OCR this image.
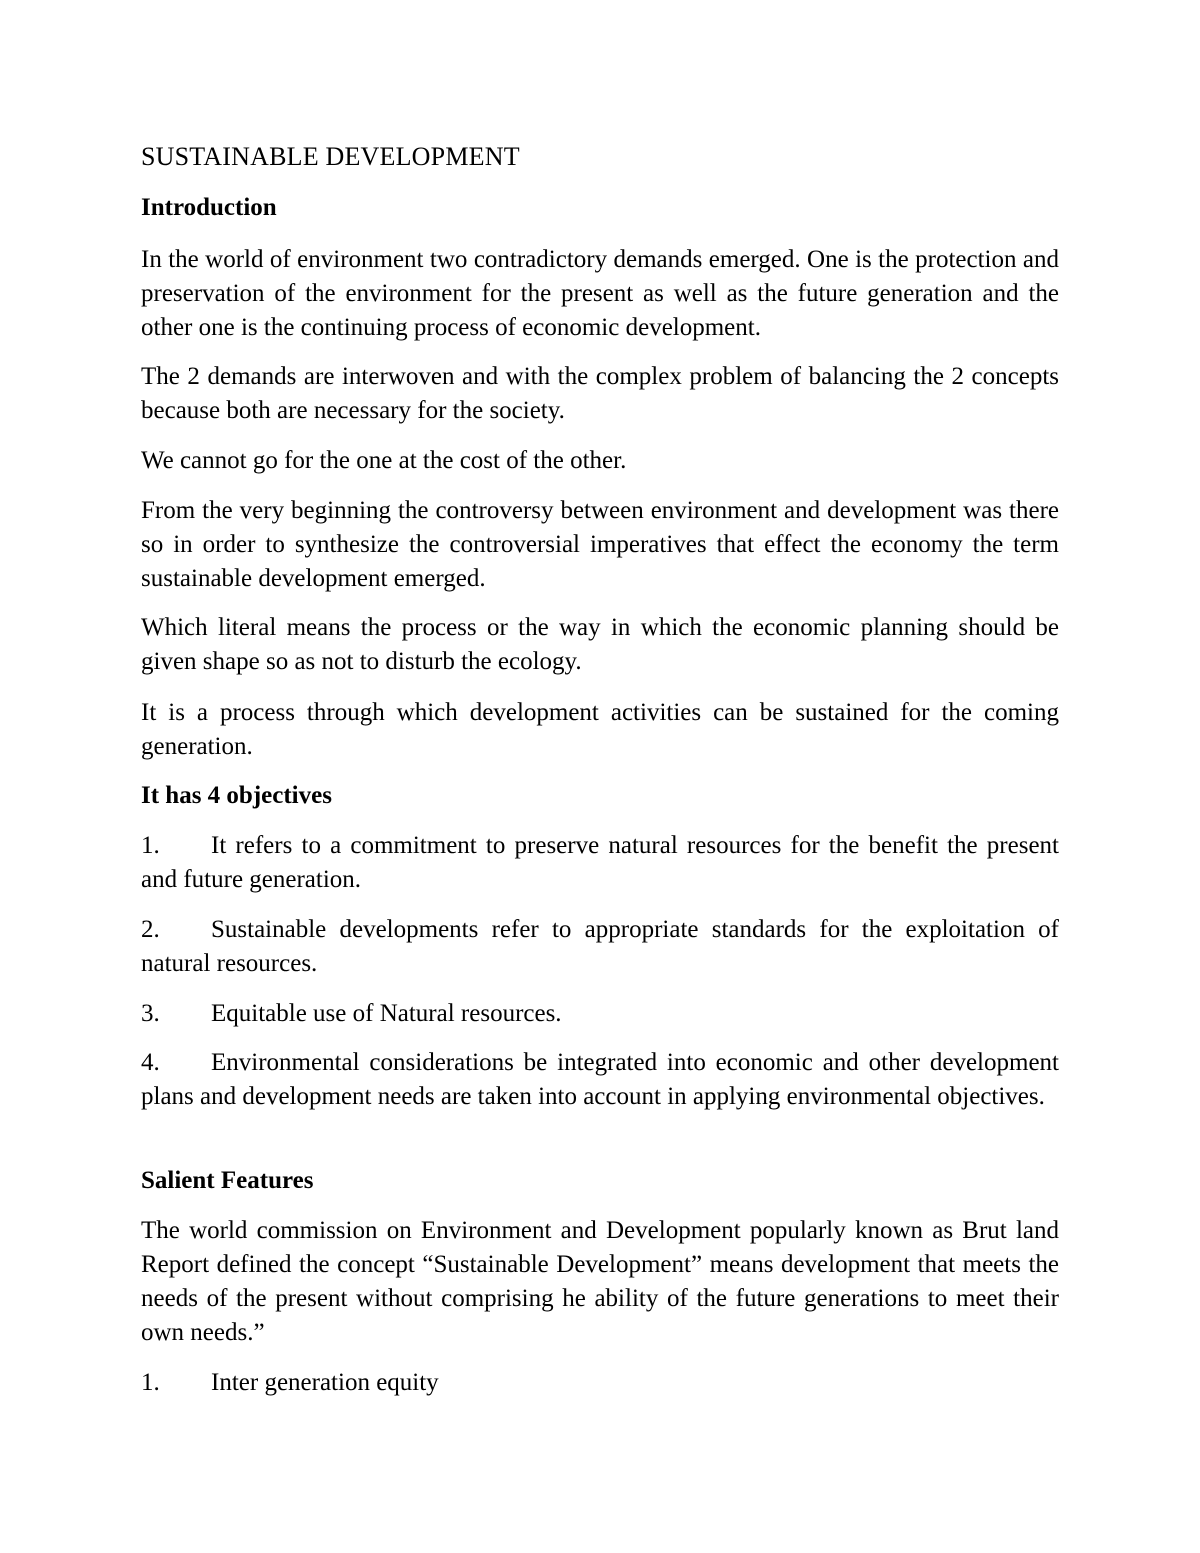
SUSTAINABLE DEVELOPMENT
Introduction

In the world of environment two contradictory demands emerged. One is the protection and preservation of the environment for the present as well as the future generation and the other one is the continuing process of economic development.

The 2 demands are interwoven and with the complex problem of balancing the 2 concepts because both are necessary for the society.

We cannot go for the one at the cost of the other.

From the very beginning the controversy between environment and development was there so in order to synthesize the controversial imperatives that effect the economy the term sustainable development emerged.

Which literal means the process or the way in which the economic planning should be given shape so as not to disturb the ecology.

It is a process through which development activities can be sustained for the coming generation.

It has 4 objectives

1. It refers to a commitment to preserve natural resources for the benefit the present and future generation.

2. Sustainable developments refer to appropriate standards for the exploitation of natural resources.

3. Equitable use of Natural resources.

4. Environmental considerations be integrated into economic and other development plans and development needs are taken into account in applying environmental objectives.

Salient Features

The world commission on Environment and Development popularly known as Brut land Report defined the concept “Sustainable Development” means development that meets the needs of the present without comprising he ability of the future generations to meet their own needs.”

1. Inter generation equity
